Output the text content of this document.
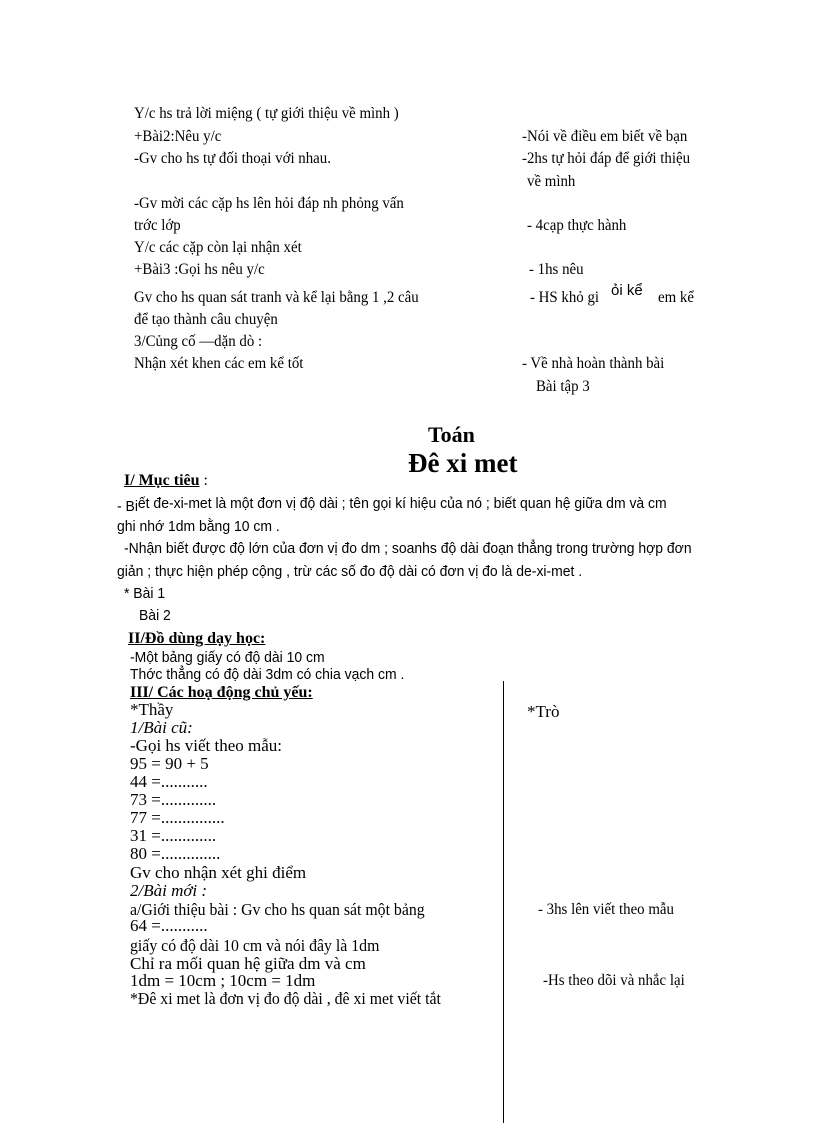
Y/c hs trả lời miệng ( tự giới thiệu về mình )
+Bài2:Nêu y/c
-Gv cho hs tự đối thoại với nhau.
-Gv mời các cặp hs lên hỏi đáp nh phỏng vấn
trớc lớp
Y/c các cặp còn lại nhận xét
+Bài3 :Gọi hs nêu y/c
Gv cho hs quan sát tranh và kể lại bằng 1 ,2 câu
để tạo thành câu chuyện
3/Củng cố —dặn dò :
Nhận xét khen các em kể tốt
-Nói về điều em biết về bạn
-2hs tự hỏi đáp để giới thiệu
về mình
- 4cạp thực hành
- 1hs nêu
- HS khỏ gi ỏi kể em kể
- Về nhà hoàn thành bài
Bài tập 3
Toán
Đê xi met
I/ Mục tiêu :
- Biết đe-xi-met là một đơn vị độ dài ; tên gọi kí hiệu của nó ; biết quan hệ giữa dm và cm
ghi nhớ 1dm bằng 10 cm .
-Nhận biết được độ lớn của đơn vị đo dm ; soanhs độ dài đoạn thẳng trong trường hợp đơn
giản ; thực hiện phép cộng , trừ các số đo độ dài có đơn vị đo là de-xi-met .
* Bài 1
Bài 2
II/Đồ dùng dạy học:
-Một bảng giấy có độ dài 10 cm
Thớc thẳng có độ dài 3dm có chia vạch cm .
III/ Các hoạ động chủ yếu:
*Thầy	*Trò
1/Bài cũ:
-Gọi hs viết theo mẫu:
95 = 90 + 5
44 =...........
73 =.............
77 =...............
31 =.............
80 =..............
Gv cho nhận xét ghi điểm
2/Bài mới :
a/Giới thiệu bài : Gv cho hs quan sát một bảng
64 =...........
giấy có độ dài 10 cm và nói đây là 1dm
Chỉ ra mối quan hệ giữa dm và cm
1dm = 10cm ; 10cm = 1dm
*Đê xi met là đơn vị đo độ dài , đê xi met viết tắt
- 3hs lên viết theo mẫu
-Hs theo dõi và nhắc lại
